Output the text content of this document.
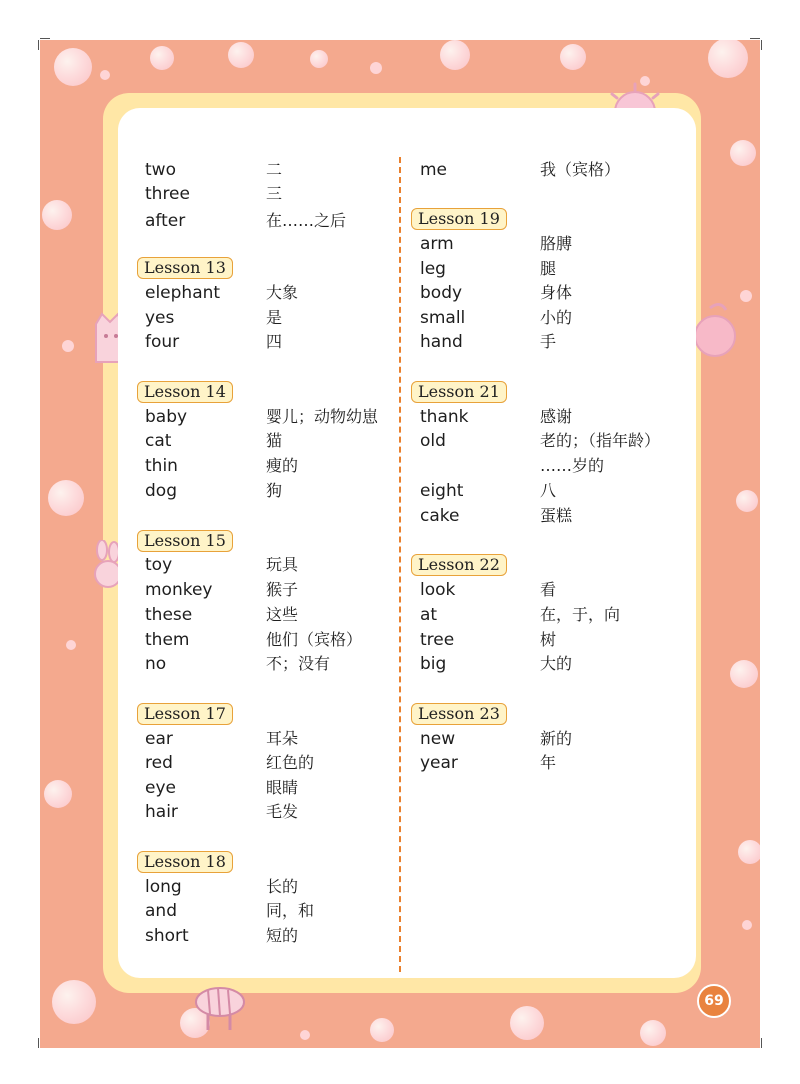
two	二
three	三
after	在……之后
Lesson 13
elephant	大象
yes	是
four	四
Lesson 14
baby	婴儿；动物幼崽
cat	猫
thin	瘦的
dog	狗
Lesson 15
toy	玩具
monkey	猴子
these	这些
them	他们（宾格）
no	不；没有
Lesson 17
ear	耳朵
red	红色的
eye	眼睛
hair	毛发
Lesson 18
long	长的
and	同，和
short	短的
me	我（宾格）
Lesson 19
arm	胳膊
leg	腿
body	身体
small	小的
hand	手
Lesson 21
thank	感谢
old	老的；（指年龄）
……岁的
eight	八
cake	蛋糕
Lesson 22
look	看
at	在，于，向
tree	树
big	大的
Lesson 23
new	新的
year	年
69
